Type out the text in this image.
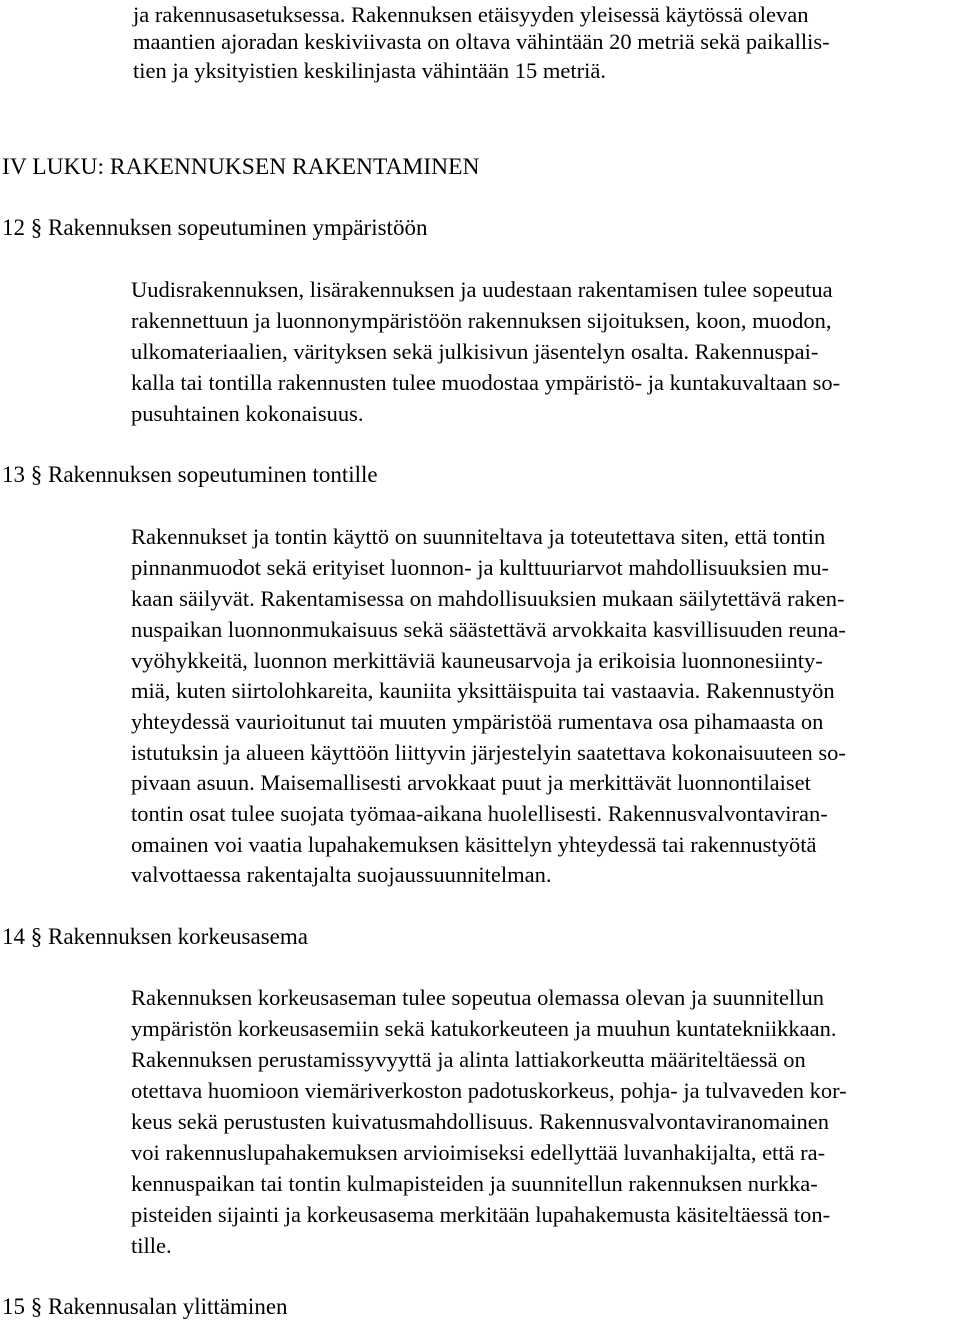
ja rakennusasetuksessa. Rakennuksen etäisyyden yleisessä käytössä olevan
maantien ajoradan keskiviivasta on oltava vähintään 20 metriä sekä paikallis-
tien ja yksityistien keskilinjasta vähintään 15 metriä.
IV LUKU: RAKENNUKSEN RAKENTAMINEN
12 § Rakennuksen sopeutuminen ympäristöön
Uudisrakennuksen, lisärakennuksen ja uudestaan rakentamisen tulee sopeutua
rakennettuun ja luonnonympäristöön rakennuksen sijoituksen, koon, muodon,
ulkomateriaalien, värityksen sekä julkisivun jäsentelyn osalta. Rakennuspai-
kalla tai tontilla rakennusten tulee muodostaa ympäristö- ja kuntakuvaltaan so-
pusuhtainen kokonaisuus.
13 § Rakennuksen sopeutuminen tontille
Rakennukset ja tontin käyttö on suunniteltava ja toteutettava siten, että tontin
pinnanmuodot sekä erityiset luonnon- ja kulttuuriarvot mahdollisuuksien mu-
kaan säilyvät. Rakentamisessa on mahdollisuuksien mukaan säilytettävä raken-
nuspaikan luonnonmukaisuus sekä säästettävä arvokkaita kasvillisuuden reuna-
vyöhykkeitä, luonnon merkittäviä kauneusarvoja ja erikoisia luonnonesiinty-
miä, kuten siirtolohkareita, kauniita yksittäispuita tai vastaavia. Rakennustyön
yhteydessä vaurioitunut tai muuten ympäristöä rumentava osa pihamaasta on
istutuksin ja alueen käyttöön liittyvin järjestelyin saatettava kokonaisuuteen so-
pivaan asuun. Maisemallisesti arvokkaat puut ja merkittävät luonnontilaiset
tontin osat tulee suojata työmaa-aikana huolellisesti. Rakennusvalvontaviran-
omainen voi vaatia lupahakemuksen käsittelyn yhteydessä tai rakennustyötä
valvottaessa rakentajalta suojaussuunnitelman.
14 § Rakennuksen korkeusasema
Rakennuksen korkeusaseman tulee sopeutua olemassa olevan ja suunnitellun
ympäristön korkeusasemiin sekä katukorkeuteen ja muuhun kuntatekniikkaan.
Rakennuksen perustamissyvyyttä ja alinta lattiakorkeutta määriteltäessä on
otettava huomioon viemäriverkoston padotuskorkeus, pohja- ja tulvaveden kor-
keus sekä perustusten kuivatusmahdollisuus. Rakennusvalvontaviranomainen
voi rakennuslupahakemuksen arvioimiseksi edellyttää luvanhakijalta, että ra-
kennuspaikan tai tontin kulmapisteiden ja suunnitellun rakennuksen nurkka-
pisteiden sijainti ja korkeusasema merkitään lupahakemusta käsiteltäessä ton-
tille.
15 § Rakennusalan ylittäminen
